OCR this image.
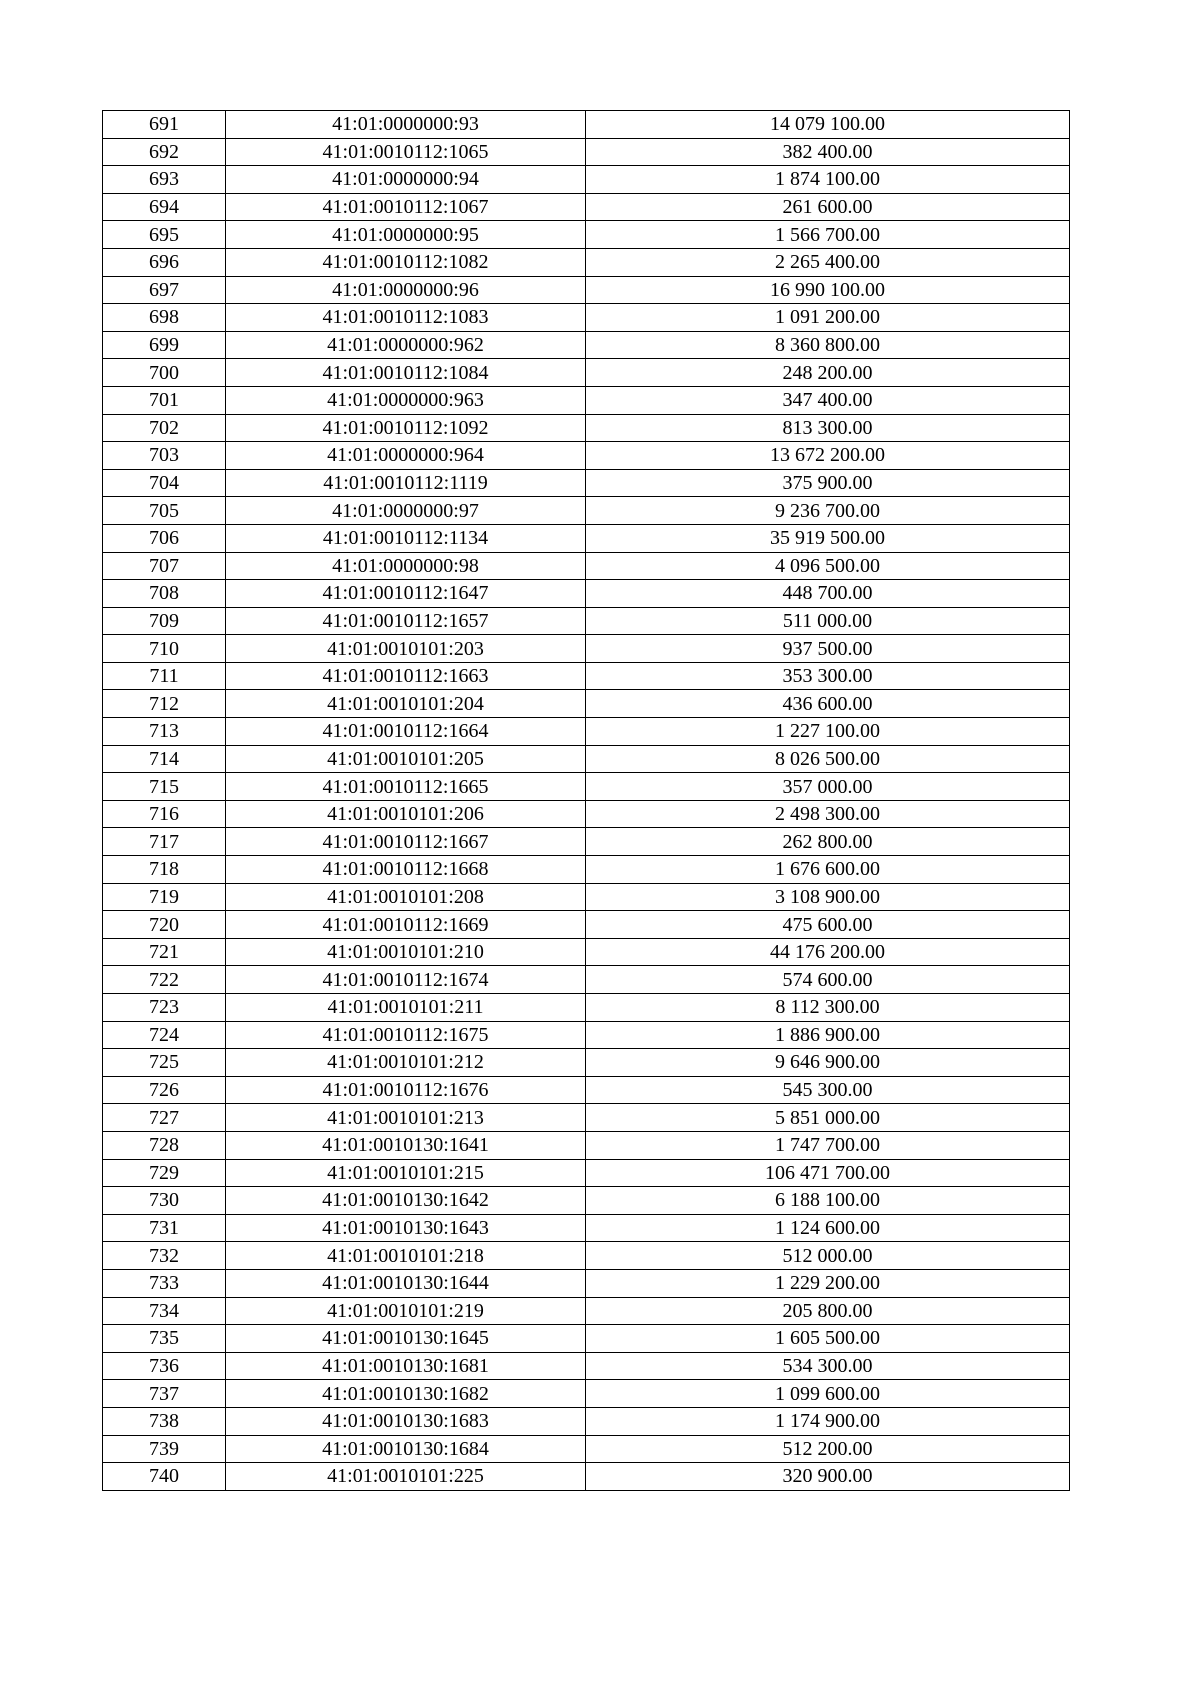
691	41:01:0000000:93	14 079 100.00
692	41:01:0010112:1065	382 400.00
693	41:01:0000000:94	1 874 100.00
694	41:01:0010112:1067	261 600.00
695	41:01:0000000:95	1 566 700.00
696	41:01:0010112:1082	2 265 400.00
697	41:01:0000000:96	16 990 100.00
698	41:01:0010112:1083	1 091 200.00
699	41:01:0000000:962	8 360 800.00
700	41:01:0010112:1084	248 200.00
701	41:01:0000000:963	347 400.00
702	41:01:0010112:1092	813 300.00
703	41:01:0000000:964	13 672 200.00
704	41:01:0010112:1119	375 900.00
705	41:01:0000000:97	9 236 700.00
706	41:01:0010112:1134	35 919 500.00
707	41:01:0000000:98	4 096 500.00
708	41:01:0010112:1647	448 700.00
709	41:01:0010112:1657	511 000.00
710	41:01:0010101:203	937 500.00
711	41:01:0010112:1663	353 300.00
712	41:01:0010101:204	436 600.00
713	41:01:0010112:1664	1 227 100.00
714	41:01:0010101:205	8 026 500.00
715	41:01:0010112:1665	357 000.00
716	41:01:0010101:206	2 498 300.00
717	41:01:0010112:1667	262 800.00
718	41:01:0010112:1668	1 676 600.00
719	41:01:0010101:208	3 108 900.00
720	41:01:0010112:1669	475 600.00
721	41:01:0010101:210	44 176 200.00
722	41:01:0010112:1674	574 600.00
723	41:01:0010101:211	8 112 300.00
724	41:01:0010112:1675	1 886 900.00
725	41:01:0010101:212	9 646 900.00
726	41:01:0010112:1676	545 300.00
727	41:01:0010101:213	5 851 000.00
728	41:01:0010130:1641	1 747 700.00
729	41:01:0010101:215	106 471 700.00
730	41:01:0010130:1642	6 188 100.00
731	41:01:0010130:1643	1 124 600.00
732	41:01:0010101:218	512 000.00
733	41:01:0010130:1644	1 229 200.00
734	41:01:0010101:219	205 800.00
735	41:01:0010130:1645	1 605 500.00
736	41:01:0010130:1681	534 300.00
737	41:01:0010130:1682	1 099 600.00
738	41:01:0010130:1683	1 174 900.00
739	41:01:0010130:1684	512 200.00
740	41:01:0010101:225	320 900.00
